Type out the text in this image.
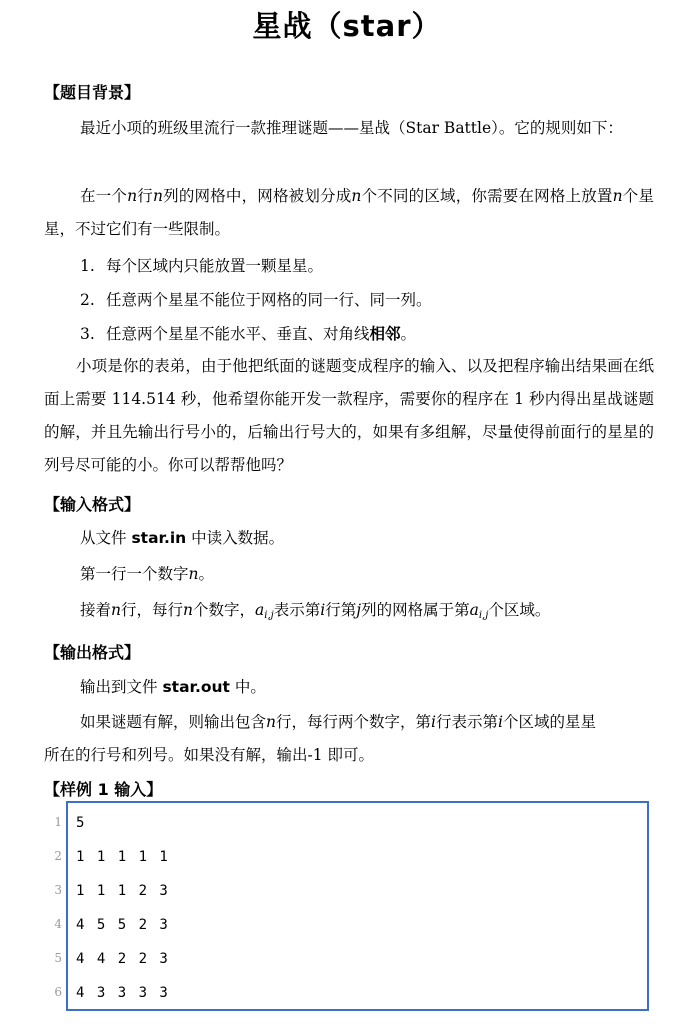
星战（star）
【题目背景】

最近小项的班级里流行一款推理谜题——星战（Star Battle）。它的规则如下：

在一个n行n列的网格中，网格被划分成n个不同的区域，你需要在网格上放置n个星星，不过它们有一些限制。

1. 每个区域内只能放置一颗星星。
2. 任意两个星星不能位于网格的同一行、同一列。
3. 任意两个星星不能水平、垂直、对角线相邻。

小项是你的表弟，由于他把纸面的谜题变成程序的输入、以及把程序输出结果画在纸面上需要 114.514 秒，他希望你能开发一款程序，需要你的程序在 1 秒内得出星战谜题的解，并且先输出行号小的，后输出行号大的，如果有多组解，尽量使得前面行的星星的列号尽可能的小。你可以帮帮他吗？

【输入格式】
从文件 star.in 中读入数据。
第一行一个数字n。
接着n行，每行n个数字，$a_{i,j}$表示第i行第j列的网格属于第$a_{i,j}$个区域。
【输出格式】
输出到文件 star.out 中。
如果谜题有解，则输出包含n行，每行两个数字，第i行表示第i个区域的星星
所在的行号和列号。如果没有解，输出-1 即可。
【样例 1 输入】
1
2
3
4
5
6
5
1 1 1 1 1
1 1 1 2 3
4 5 5 2 3
4 4 2 2 3
4 3 3 3 3
